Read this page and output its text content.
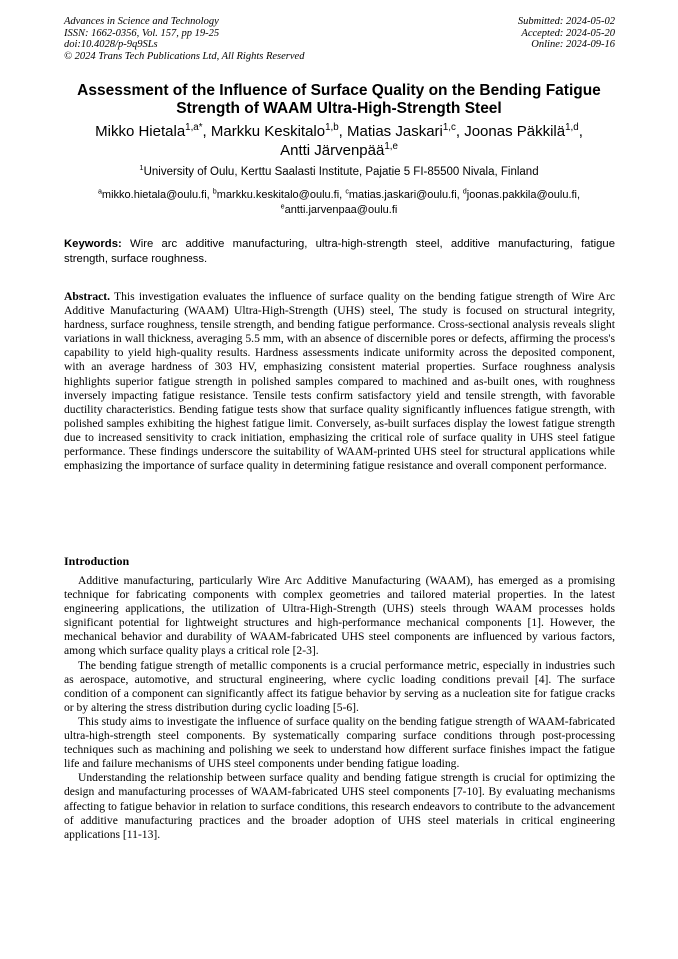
Advances in Science and Technology
ISSN: 1662-0356, Vol. 157, pp 19-25
doi:10.4028/p-9q9SLs
© 2024 Trans Tech Publications Ltd, All Rights Reserved
Submitted: 2024-05-02
Accepted: 2024-05-20
Online: 2024-09-16
Assessment of the Influence of Surface Quality on the Bending Fatigue
Strength of WAAM Ultra-High-Strength Steel
Mikko Hietala$^{1,a*}$, Markku Keskitalo$^{1,b}$, Matias Jaskari$^{1,c}$, Joonas Päkkilä$^{1,d}$,
Antti Järvenpää$^{1,e}$
$^1$University of Oulu, Kerttu Saalasti Institute, Pajatie 5 FI-85500 Nivala, Finland
$^a$mikko.hietala@oulu.fi, $^b$markku.keskitalo@oulu.fi, $^c$matias.jaskari@oulu.fi, $^d$joonas.pakkila@oulu.fi,
$^e$antti.jarvenpaa@oulu.fi
Keywords: Wire arc additive manufacturing, ultra-high-strength steel, additive manufacturing, fatigue strength, surface roughness.
Abstract. This investigation evaluates the influence of surface quality on the bending fatigue strength of Wire Arc Additive Manufacturing (WAAM) Ultra-High-Strength (UHS) steel, The study is focused on structural integrity, hardness, surface roughness, tensile strength, and bending fatigue performance. Cross-sectional analysis reveals slight variations in wall thickness, averaging 5.5 mm, with an absence of discernible pores or defects, affirming the process's capability to yield high-quality results. Hardness assessments indicate uniformity across the deposited component, with an average hardness of 303 HV, emphasizing consistent material properties. Surface roughness analysis highlights superior fatigue strength in polished samples compared to machined and as-built ones, with roughness inversely impacting fatigue resistance. Tensile tests confirm satisfactory yield and tensile strength, with favorable ductility characteristics. Bending fatigue tests show that surface quality significantly influences fatigue strength, with polished samples exhibiting the highest fatigue limit. Conversely, as-built surfaces display the lowest fatigue strength due to increased sensitivity to crack initiation, emphasizing the critical role of surface quality in UHS steel fatigue performance. These findings underscore the suitability of WAAM-printed UHS steel for structural applications while emphasizing the importance of surface quality in determining fatigue resistance and overall component performance.
Introduction

Additive manufacturing, particularly Wire Arc Additive Manufacturing (WAAM), has emerged as a promising technique for fabricating components with complex geometries and tailored material properties. In the latest engineering applications, the utilization of Ultra-High-Strength (UHS) steels through WAAM processes holds significant potential for lightweight structures and high-performance mechanical components [1]. However, the mechanical behavior and durability of WAAM-fabricated UHS steel components are influenced by various factors, among which surface quality plays a critical role [2-3].

The bending fatigue strength of metallic components is a crucial performance metric, especially in industries such as aerospace, automotive, and structural engineering, where cyclic loading conditions prevail [4]. The surface condition of a component can significantly affect its fatigue behavior by serving as a nucleation site for fatigue cracks or by altering the stress distribution during cyclic loading [5-6].

This study aims to investigate the influence of surface quality on the bending fatigue strength of WAAM-fabricated ultra-high-strength steel components. By systematically comparing surface conditions through post-processing techniques such as machining and polishing we seek to understand how different surface finishes impact the fatigue life and failure mechanisms of UHS steel components under bending fatigue loading.

Understanding the relationship between surface quality and bending fatigue strength is crucial for optimizing the design and manufacturing processes of WAAM-fabricated UHS steel components [7-10]. By evaluating mechanisms affecting to fatigue behavior in relation to surface conditions, this research endeavors to contribute to the advancement of additive manufacturing practices and the broader adoption of UHS steel materials in critical engineering applications [11-13].
